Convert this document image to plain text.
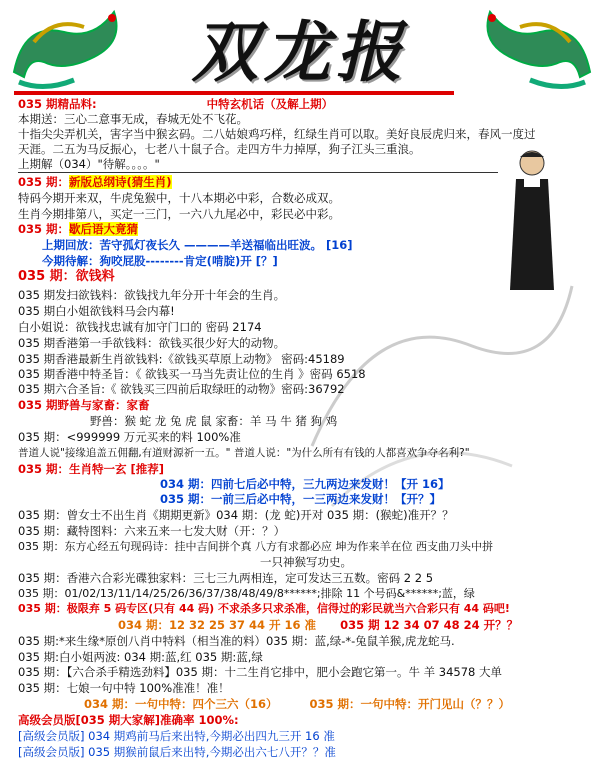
双龙报
035 期精品料:	中特玄机话（及解上期）
本期送：三心二意事无成，春城无处不飞花。
十指尖尖弄机关，害字当中猴玄码。二八姑娘鸡巧样，红绿生肖可以取。美好良辰虎归来，春风一度过
天涯。二五为马反振心，七老八十鼠子合。走四方牛力掉厚，狗子江头三重浪。
上期解（034）"待解。。。。"
035 期：新版总纲诗(猜生肖)
特码今期开来双，牛虎兔猴中，十八本期必中彩，合数必成双。
生肖今期排第八，买定一三门，一六八九尾必中，彩民必中彩。
035 期：歇后语大竟猜
上期回放：苦守孤灯夜长久 ————羊送福临出旺波。 [16]
今期待解：狗咬屁股--------肯定(啃腚)开 [？]
035 期：欲钱料
035 期发扫欲钱料：欲钱找九年分开十年会的生肖。
035 期白小姐欲钱料马会内幕!
白小姐说：欲钱找忠诚有加守门口的 密码 2174
035 期香港第一手欲钱料：欲钱买很少好大的动物。
035 期香港最新生肖欲钱料:《欲钱买草原上动物》 密码:45189
035 期香港中特圣旨：《 欲钱买一马当先责让位的生肖 》密码 6518
035 期六合圣旨:《 欲钱买三四前后取绿旺的动物》密码:36792
035 期野兽与家畜：家畜
野兽：猴 蛇 龙 兔 虎 鼠 家畜：羊 马 牛 猪 狗 鸡
035 期：<999999 万元买来的料 100%准
普道人说"接缘追盖五佣翻,有道财源祈一五。" 普道人说："为什么所有有钱的人都喜欢争夺名利?"
035 期：生肖特一玄 [推荐]
034 期：四前七后必中特，三九两边来发财！【开 16】
035 期：一前三后必中特，一三两边来发财！【开？】
035 期：曾女士不出生肖《期期更新》034 期：(龙 蛇)开对 035 期：(猴蛇)准开？？
035 期：藏特图料：六来五来一七发大财（开：？）
035 期：东方心经五句现码诗：挂中吉间拼个真 八方有求都必应 坤为作来羊在位 西支曲刀头中拼
一只神猴写功史。
035 期：香港六合彩光碟独家料：三七三九两相连，定可发达三五数。密码 2 2 5
035 期：01/02/13/11/14/25/26/36/37/38/48/49/8******;排除 11 个号码&******;蓝，绿
035 期：极限弃 5 码专区(只有 44 码) 不求杀多只求杀准，信得过的彩民就当六合彩只有 44 码吧!
034 期：12 32 25 37 44 开 16 准 035 期 12 34 07 48 24 开？？
035 期:*来生缘*原创八肖中特料（相当准的料）035 期：蓝,绿-*-兔鼠羊猴,虎龙蛇马.
035 期:白小姐两波: 034 期:蓝,红 035 期:蓝,绿
035 期：【六合杀手精选劲料】035 期：十二生肖它排中，肥小会跑它第一。牛 羊 34578 大单
035 期：七娘一句中特 100%准准！准！
034 期：一句中特：四个三六（16）	035 期：一句中特：开门见山（？？）
高级会员版[035 期大家解]准确率 100%:
[高级会员版] 034 期鸡前马后来出特,今期必出四九三开 16 准
[高级会员版] 035 期猴前鼠后来出特,今期必出六七八开？？准
